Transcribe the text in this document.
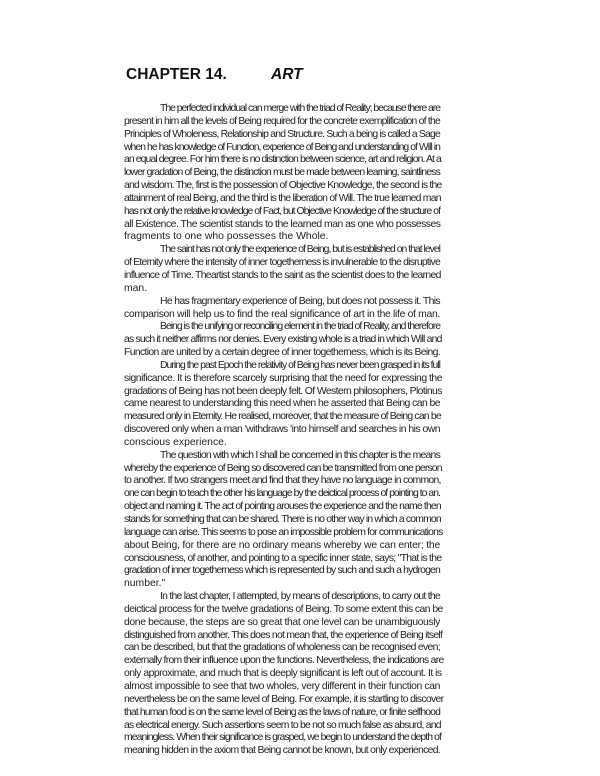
CHAPTER 14.	ART

The perfected individual can merge with the triad of Reality; because there are
present in him all the levels of Being required for the concrete exemplification of the
Principles of Wholeness, Relationship and Structure. Such a being is called a Sage
when he has knowledge of Function, experience of Being and understanding of Will in
an equal degree. For him there is no distinction between science, art and religion. At a
lower gradation of Being, the distinction must be made between learning, saintliness
and wisdom. The, first is the possession of Objective Knowledge, the second is the
attainment of real Being, and the third is the liberation of Will. The true learned man
has not only the relative knowledge of Fact, but Objective Knowledge of the structure of
all Existence. The scientist stands to the learned man as one who possesses
fragments to one who possesses the Whole.

The saint has not only the experience of Being, but is established on that level
of Eternity where the intensity of inner togetherness is invulnerable to the disruptive
influence of Time. Theartist stands to the saint as the scientist does to the learned
man.

He has fragmentary experience of Being, but does not possess it. This
comparison will help us to find the real significance of art in the life of man.

Being is the unifying or reconciling element in the triad of Reality, and therefore
as such it neither affirms nor denies. Every existing whole is a triad in which Will and
Function are united by a certain degree of inner togetherness, which is its Being.

During the past Epoch the relativity of Being has never been grasped in its full
significance. It is therefore scarcely surprising that the need for expressing the
gradations of Being has not been deeply felt. Of Western philosophers, Plotinus
came nearest to understanding this need when he asserted that Being can be
measured only in Eternity. He realised, moreover, that the measure of Being can be
discovered only when a man 'withdraws 'into himself and searches in his own
conscious experience.

The question with which I shall be concerned in this chapter is the means
whereby the experience of Being so discovered can be transmitted from one person
to another. If two strangers meet and find that they have no language in common,
one can begin to teach the other his language by the deictical process of pointing to an.
object and naming it. The act of pointing arouses the experience and the name then
stands for something that can be shared. There is no other way in which a common
language can arise. This seems to pose an impossible problem for communications
about Being, for there are no ordinary means whereby we can enter; the
consciousness, of another, and pointing to a specific inner state, says; "That is the
gradation of inner togetherness which is represented by such and such a hydrogen
number."

In the last chapter, I attempted, by means of descriptions, to carry out the
deictical process for the twelve gradations of Being. To some extent this can be
done because, the steps are so great that one level can be unambiguously
distinguished from another. This does not mean that, the experience of Being itself
can be described, but that the gradations of wholeness can be recognised even;
externally from their influence upon the functions. Nevertheless, the indications are
only approximate, and much that is deeply significant is left out of account. It is
almost impossible to see that two wholes, very different in their function can
nevertheless be on the same level of Being. For example, it is startling to discover
that human food is on the same level of Being as the laws of nature, or finite selfhood
as electrical energy. Such assertions seem to be not so much false as absurd, and
meaningless. When their significance is grasped, we begin to understand the depth of
meaning hidden in the axiom that Being cannot be known, but only experienced.
